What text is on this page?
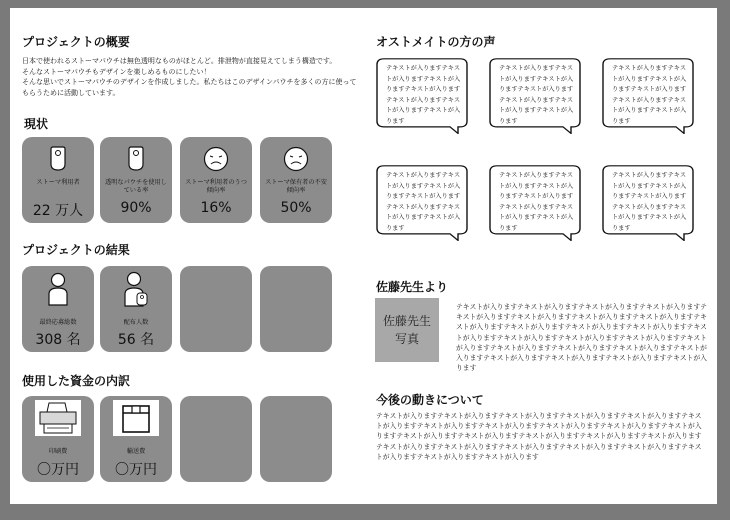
プロジェクトの概要
日本で使われるストーマパウチは無色透明なものがほとんど。排泄物が直接見えてしまう構造です。
そんなストーマパウチもデザインを楽しめるものにしたい！
そんな思いでストーマパウチのデザインを作成しました。私たちはこのデザインパウチを多くの方に使って
もらうために活動しています。
現状
ストーマ利用者
22 万人
透明なパウチを使用している率
90%
ストーマ利用者のうつ傾向率
16%
ストーマ保有者の不安傾向率
50%
プロジェクトの結果
最終応募総数
308 名
配布人数
56 名
使用した資金の内訳
印刷費
〇万円
輸送費
〇万円
オストメイトの方の声
テキストが入りますテキストが入りますテキストが入りますテキストが入りますテキストが入りますテキストが入りますテキストが入ります
テキストが入りますテキストが入りますテキストが入りますテキストが入りますテキストが入りますテキストが入りますテキストが入ります
テキストが入りますテキストが入りますテキストが入りますテキストが入りますテキストが入りますテキストが入りますテキストが入ります
テキストが入りますテキストが入りますテキストが入りますテキストが入りますテキストが入りますテキストが入りますテキストが入ります
テキストが入りますテキストが入りますテキストが入りますテキストが入りますテキストが入りますテキストが入りますテキストが入ります
テキストが入りますテキストが入りますテキストが入りますテキストが入りますテキストが入りますテキストが入りますテキストが入ります
佐藤先生より
佐藤先生 写真
テキストが入りますテキストが入りますテキストが入りますテキストが入りますテキストが入りますテキストが入りますテキストが入りますテキストが入りますテキストが入りますテキストが入りますテキストが入りますテキストが入りますテキストが入りますテキストが入りますテキストが入りますテキストが入りますテキストが入りますテキストが入りますテキストが入りますテキストが入りますテキストが入りますテキストが入りますテキストが入りますテキストが入りますテキストが入ります
今後の動きについて
テキストが入りますテキストが入りますテキストが入りますテキストが入りますテキストが入りますテキストが入りますテキストが入りますテキストが入りますテキストが入りますテキストが入りますテキストが入りますテキストが入りますテキストが入りますテキストが入りますテキストが入りますテキストが入りますテキストが入りますテキストが入りますテキストが入りますテキストが入りますテキストが入りますテキストが入りますテキストが入りますテキストが入ります
